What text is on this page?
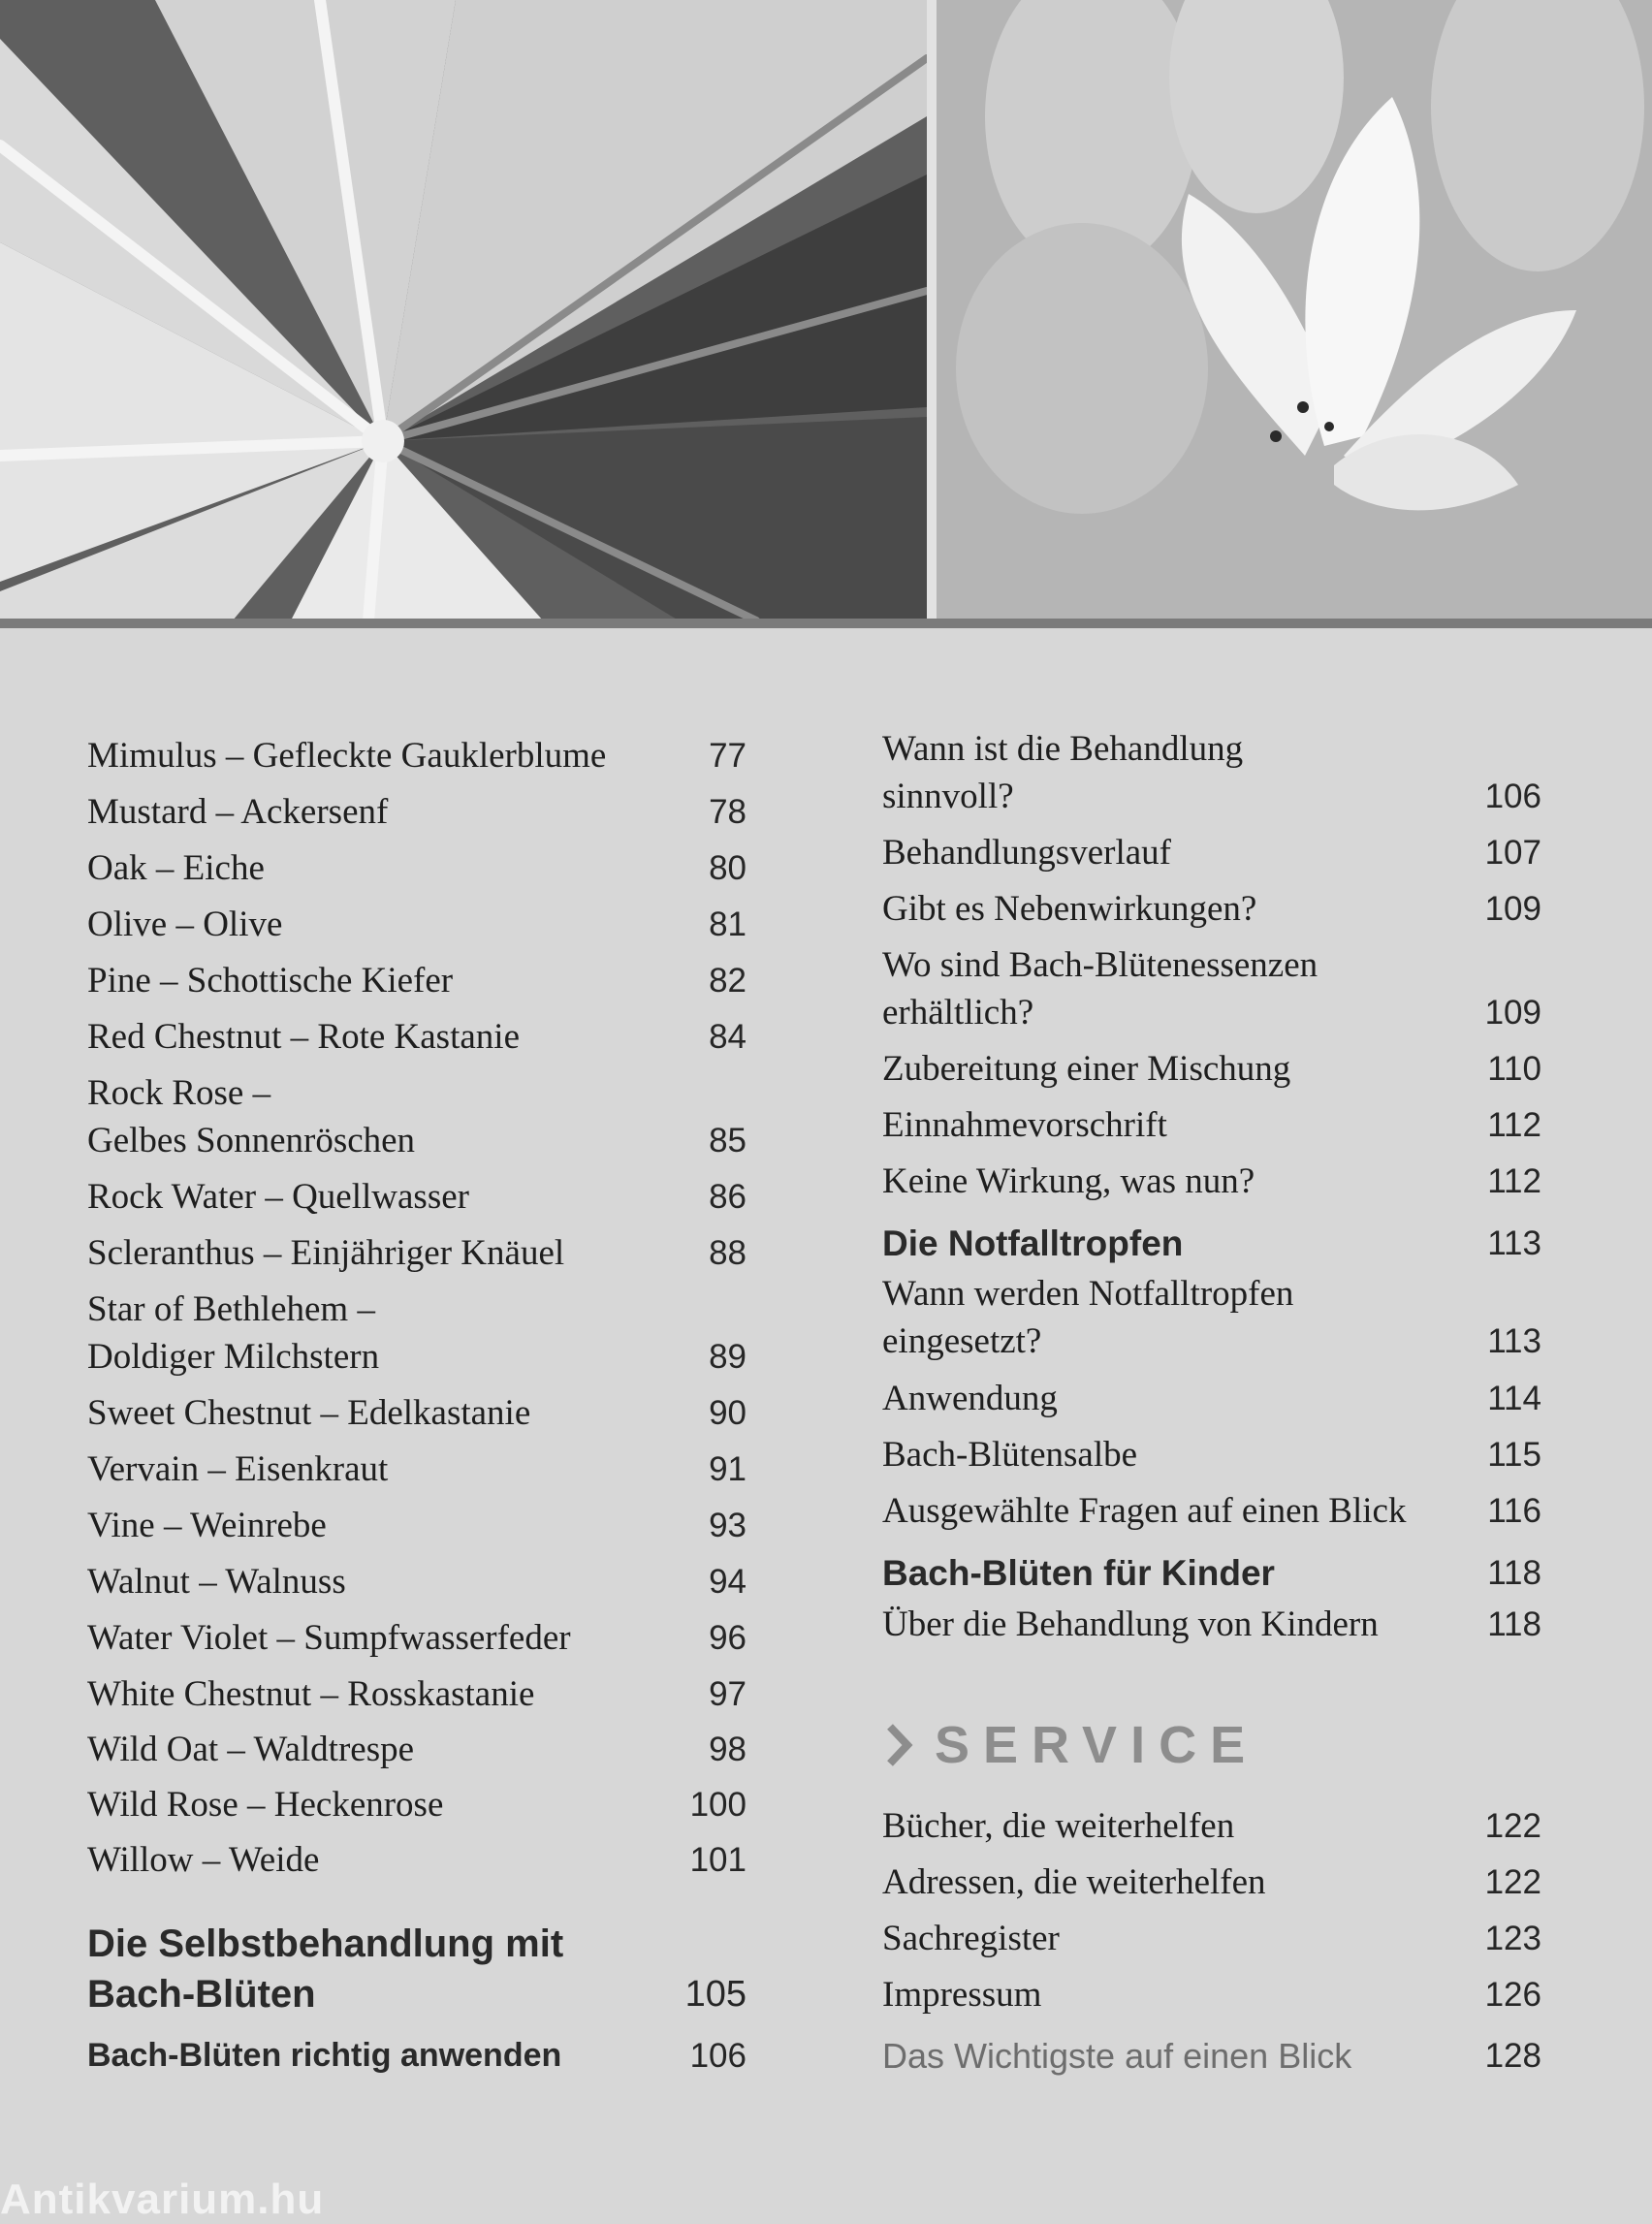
Mimulus – Gefleckte Gauklerblume	77
Mustard – Ackersenf	78
Oak – Eiche	80
Olive – Olive	81
Pine – Schottische Kiefer	82
Red Chestnut – Rote Kastanie	84
Rock Rose –
Gelbes Sonnenröschen	85
Rock Water – Quellwasser	86
Scleranthus – Einjähriger Knäuel	88
Star of Bethlehem –
Doldiger Milchstern	89
Sweet Chestnut – Edelkastanie	90
Vervain – Eisenkraut	91
Vine – Weinrebe	93
Walnut – Walnuss	94
Water Violet – Sumpfwasserfeder	96
White Chestnut – Rosskastanie	97
Wild Oat – Waldtrespe	98
Wild Rose – Heckenrose	100
Willow – Weide	101
Die Selbstbehandlung mit
Bach-Blüten	105
Bach-Blüten richtig anwenden	106
Wann ist die Behandlung
sinnvoll?	106
Behandlungsverlauf	107
Gibt es Nebenwirkungen?	109
Wo sind Bach-Blütenessenzen
erhältlich?	109
Zubereitung einer Mischung	110
Einnahmevorschrift	112
Keine Wirkung, was nun?	112
Die Notfalltropfen	113
Wann werden Notfalltropfen
eingesetzt?	113
Anwendung	114
Bach-Blütensalbe	115
Ausgewählte Fragen auf einen Blick 116
Bach-Blüten für Kinder	118
Über die Behandlung von Kindern	118
Bücher, die weiterhelfen	122
Adressen, die weiterhelfen	122
Sachregister	123
Impressum	126
Das Wichtigste auf einen Blick	128
SERVICE
Antikvarium.hu
